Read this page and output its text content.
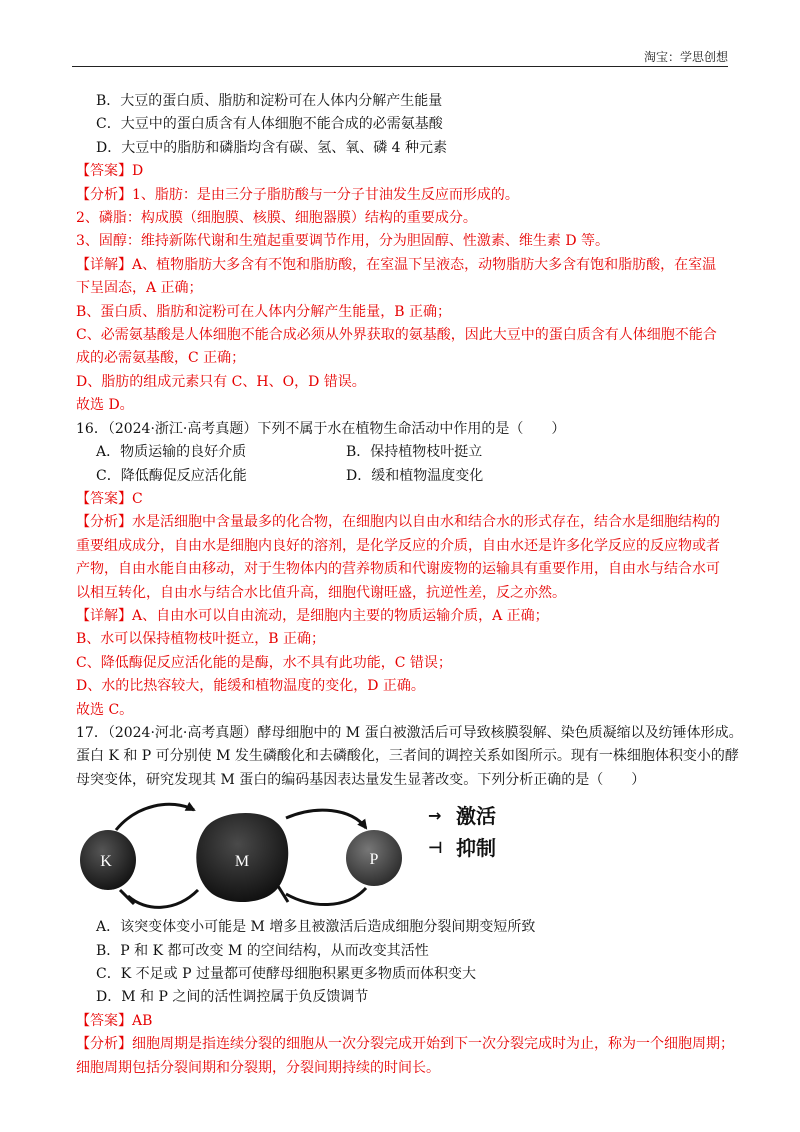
淘宝：学思创想
B．大豆的蛋白质、脂肪和淀粉可在人体内分解产生能量
C．大豆中的蛋白质含有人体细胞不能合成的必需氨基酸
D．大豆中的脂肪和磷脂均含有碳、氢、氧、磷 4 种元素
【答案】D
【分析】1、脂肪：是由三分子脂肪酸与一分子甘油发生反应而形成的。
2、磷脂：构成膜（细胞膜、核膜、细胞器膜）结构的重要成分。
3、固醇：维持新陈代谢和生殖起重要调节作用，分为胆固醇、性激素、维生素 D 等。
【详解】A、植物脂肪大多含有不饱和脂肪酸，在室温下呈液态，动物脂肪大多含有饱和脂肪酸，在室温
下呈固态，A 正确；
B、蛋白质、脂肪和淀粉可在人体内分解产生能量，B 正确；
C、必需氨基酸是人体细胞不能合成必须从外界获取的氨基酸，因此大豆中的蛋白质含有人体细胞不能合
成的必需氨基酸，C 正确；
D、脂肪的组成元素只有 C、H、O，D 错误。
故选 D。
16．（2024·浙江·高考真题）下列不属于水在植物生命活动中作用的是（　　）
A．物质运输的良好介质	B．保持植物枝叶挺立
C．降低酶促反应活化能	D．缓和植物温度变化
【答案】C
【分析】水是活细胞中含量最多的化合物，在细胞内以自由水和结合水的形式存在，结合水是细胞结构的
重要组成成分，自由水是细胞内良好的溶剂，是化学反应的介质，自由水还是许多化学反应的反应物或者
产物，自由水能自由移动，对于生物体内的营养物质和代谢废物的运输具有重要作用，自由水与结合水可
以相互转化，自由水与结合水比值升高，细胞代谢旺盛，抗逆性差，反之亦然。
【详解】A、自由水可以自由流动，是细胞内主要的物质运输介质，A 正确；
B、水可以保持植物枝叶挺立，B 正确；
C、降低酶促反应活化能的是酶，水不具有此功能，C 错误；
D、水的比热容较大，能缓和植物温度的变化，D 正确。
故选 C。
17．（2024·河北·高考真题）酵母细胞中的 M 蛋白被激活后可导致核膜裂解、染色质凝缩以及纺锤体形成。
蛋白 K 和 P 可分别使 M 发生磷酸化和去磷酸化，三者间的调控关系如图所示。现有一株细胞体积变小的酵
母突变体，研究发现其 M 蛋白的编码基因表达量发生显著改变。下列分析正确的是（　　）
K	M	P
→ 激活
⊣ 抑制
A．该突变体变小可能是 M 增多且被激活后造成细胞分裂间期变短所致
B．P 和 K 都可改变 M 的空间结构，从而改变其活性
C．K 不足或 P 过量都可使酵母细胞积累更多物质而体积变大
D．M 和 P 之间的活性调控属于负反馈调节
【答案】AB
【分析】细胞周期是指连续分裂的细胞从一次分裂完成开始到下一次分裂完成时为止，称为一个细胞周期；
细胞周期包括分裂间期和分裂期，分裂间期持续的时间长。
